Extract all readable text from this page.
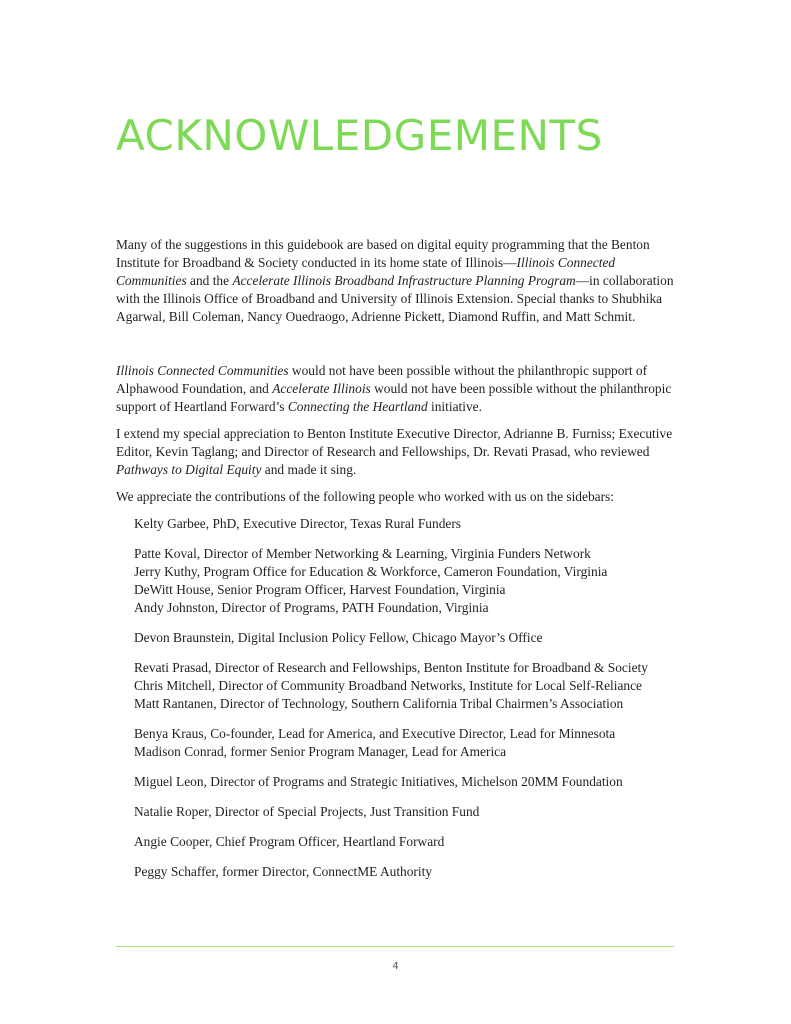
ACKNOWLEDGEMENTS

Many of the suggestions in this guidebook are based on digital equity programming that the Benton Institute for Broadband & Society conducted in its home state of Illinois—Illinois Connected Communities and the Accelerate Illinois Broadband Infrastructure Planning Program—in collaboration with the Illinois Office of Broadband and University of Illinois Extension. Special thanks to Shubhika Agarwal, Bill Coleman, Nancy Ouedraogo, Adrienne Pickett, Diamond Ruffin, and Matt Schmit.

Illinois Connected Communities would not have been possible without the philanthropic support of Alphawood Foundation, and Accelerate Illinois would not have been possible without the philanthropic support of Heartland Forward’s Connecting the Heartland initiative.

I extend my special appreciation to Benton Institute Executive Director, Adrianne B. Furniss; Executive Editor, Kevin Taglang; and Director of Research and Fellowships, Dr. Revati Prasad, who reviewed Pathways to Digital Equity and made it sing.

We appreciate the contributions of the following people who worked with us on the sidebars:

Kelty Garbee, PhD, Executive Director, Texas Rural Funders
Patte Koval, Director of Member Networking & Learning, Virginia Funders Network
Jerry Kuthy, Program Office for Education & Workforce, Cameron Foundation, Virginia
DeWitt House, Senior Program Officer, Harvest Foundation, Virginia
Andy Johnston, Director of Programs, PATH Foundation, Virginia
Devon Braunstein, Digital Inclusion Policy Fellow, Chicago Mayor’s Office
Revati Prasad, Director of Research and Fellowships, Benton Institute for Broadband & Society
Chris Mitchell, Director of Community Broadband Networks, Institute for Local Self-Reliance
Matt Rantanen, Director of Technology, Southern California Tribal Chairmen’s Association
Benya Kraus, Co-founder, Lead for America, and Executive Director, Lead for Minnesota
Madison Conrad, former Senior Program Manager, Lead for America
Miguel Leon, Director of Programs and Strategic Initiatives, Michelson 20MM Foundation
Natalie Roper, Director of Special Projects, Just Transition Fund
Angie Cooper, Chief Program Officer, Heartland Forward
Peggy Schaffer, former Director, ConnectME Authority
4
